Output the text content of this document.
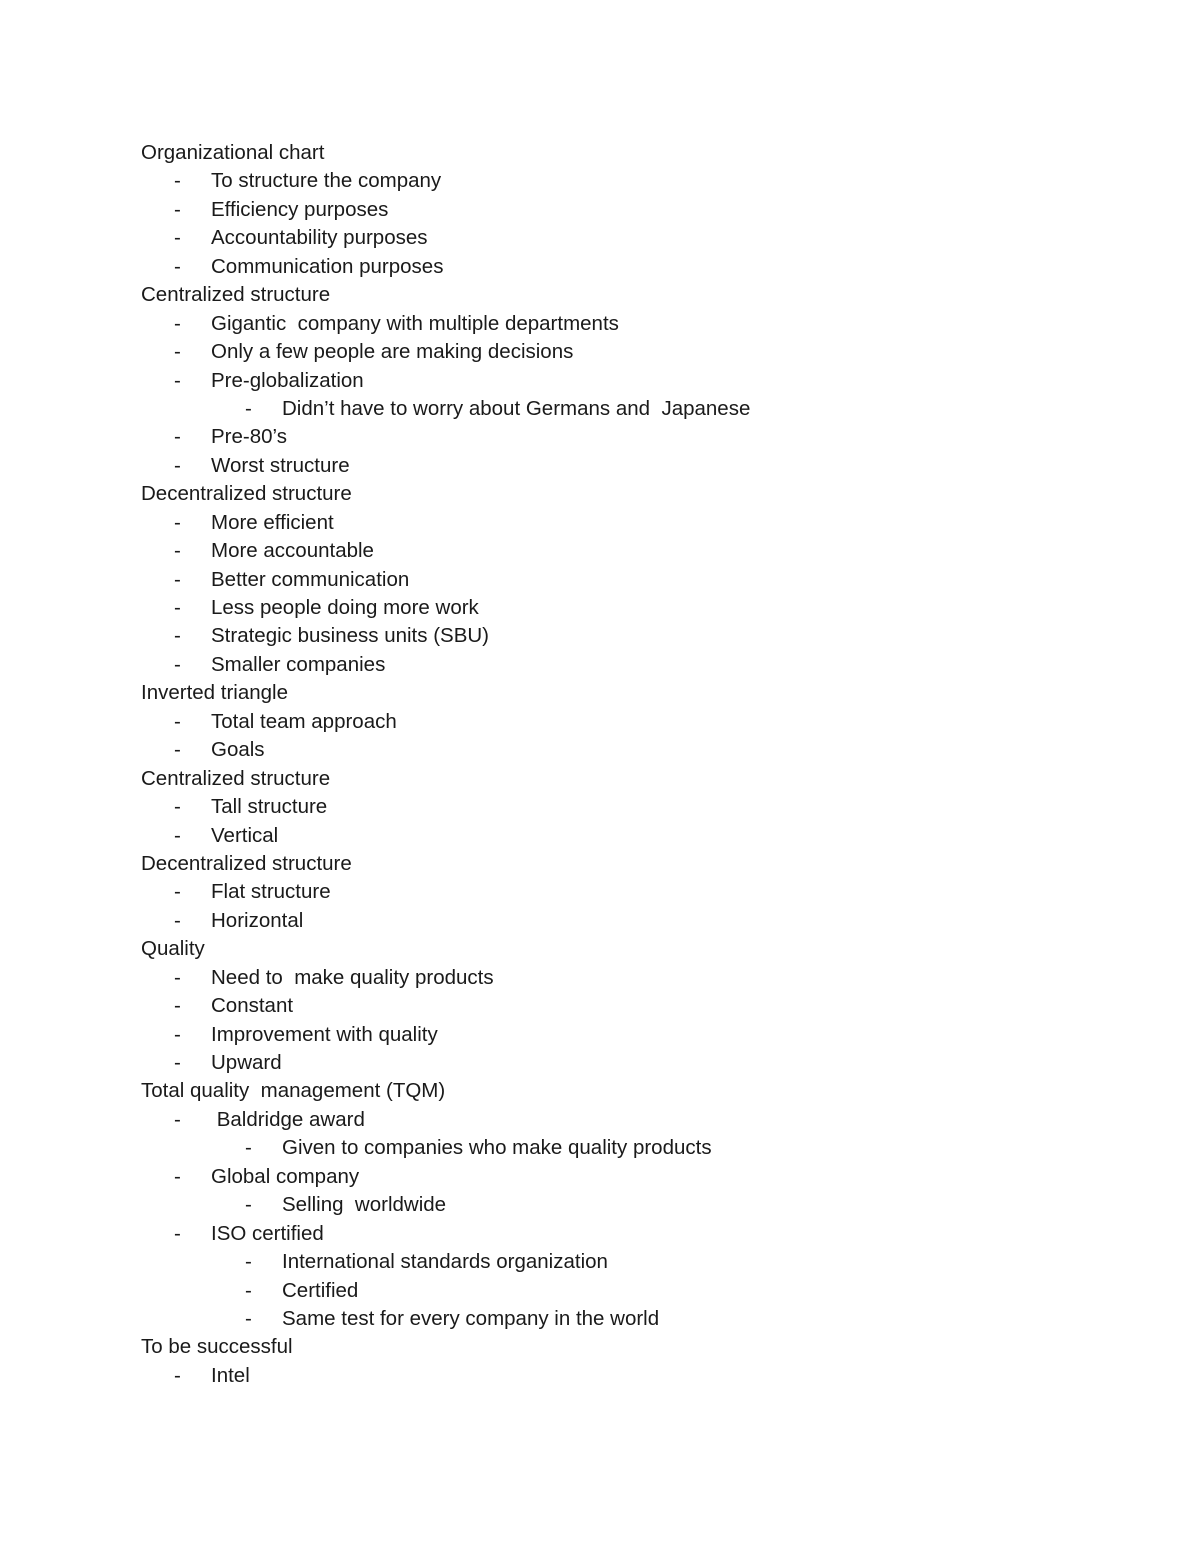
Organizational chart
- To structure the company
- Efficiency purposes
- Accountability purposes
- Communication purposes
Centralized structure
- Gigantic  company with multiple departments
- Only a few people are making decisions
- Pre-globalization
- Didn’t have to worry about Germans and  Japanese
- Pre-80’s
- Worst structure
Decentralized structure
- More efficient
- More accountable
- Better communication
- Less people doing more work
- Strategic business units (SBU)
- Smaller companies
Inverted triangle
- Total team approach
- Goals
Centralized structure
- Tall structure
- Vertical
Decentralized structure
- Flat structure
- Horizontal
Quality
- Need to  make quality products
- Constant
- Improvement with quality
- Upward
Total quality  management (TQM)
- Baldridge award
- Given to companies who make quality products
- Global company
- Selling  worldwide
- ISO certified
- International standards organization
- Certified
- Same test for every company in the world
To be successful
- Intel
